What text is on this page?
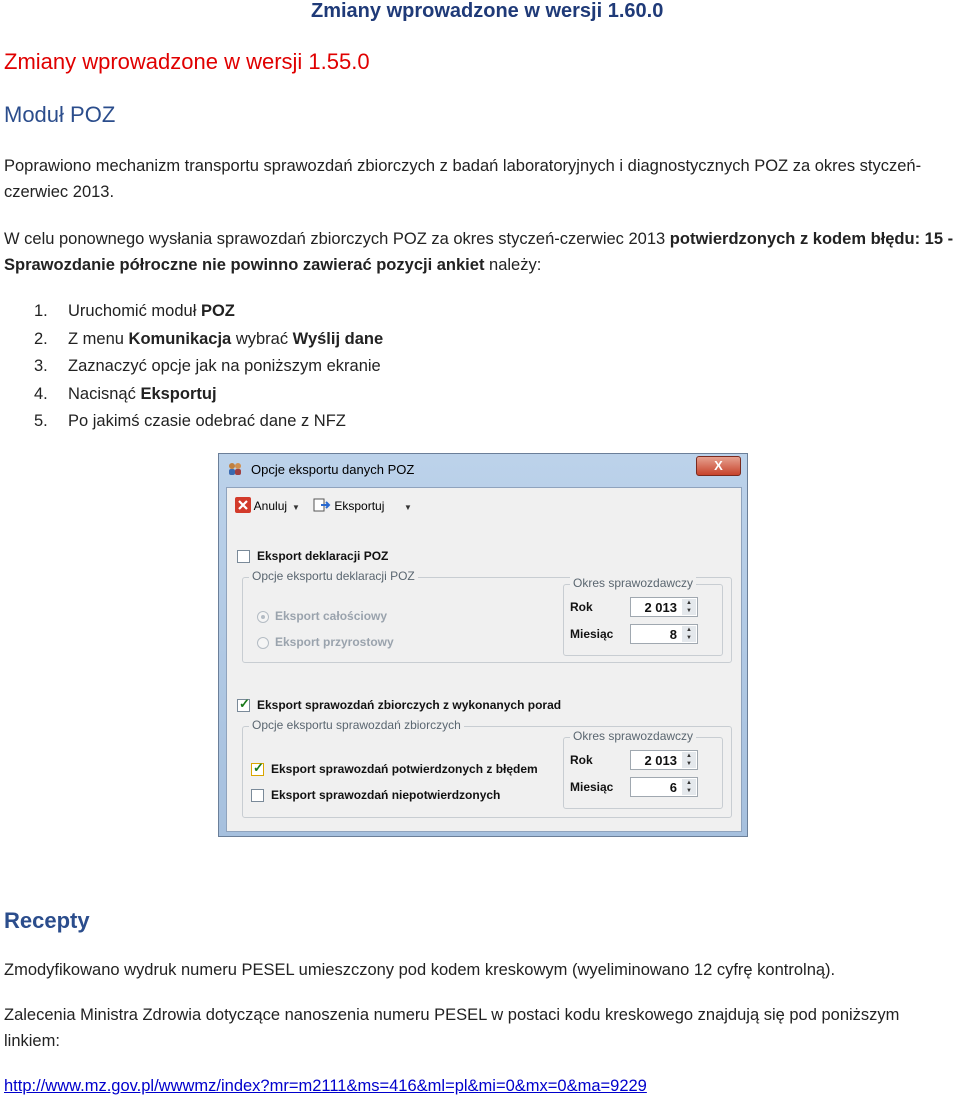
Zmiany wprowadzone w wersji 1.60.0
Zmiany wprowadzone w wersji 1.55.0
Moduł POZ
Poprawiono mechanizm transportu sprawozdań zbiorczych z badań laboratoryjnych i diagnostycznych POZ za okres styczeń-czerwiec 2013.
W celu ponownego wysłania sprawozdań zbiorczych POZ za okres styczeń-czerwiec 2013 potwierdzonych z kodem błędu: 15 - Sprawozdanie półroczne nie powinno zawierać pozycji ankiet należy:
1. Uruchomić moduł POZ
2. Z menu Komunikacja wybrać Wyślij dane
3. Zaznaczyć opcje jak na poniższym ekranie
4. Nacisnąć Eksportuj
5. Po jakimś czasie odebrać dane z NFZ
Opcje eksportu danych POZ	X
Anuluj ▼	Eksportuj ▼
Eksport deklaracji POZ
Opcje eksportu deklaracji POZ
Eksport całościowy
Eksport przyrostowy
Okres sprawozdawczy
Rok	2 013	▲
▼
Miesiąc	8	▲
▼
✓
Eksport sprawozdań zbiorczych z wykonanych porad
Opcje eksportu sprawozdań zbiorczych
✓
Eksport sprawozdań potwierdzonych z błędem
Eksport sprawozdań niepotwierdzonych
Okres sprawozdawczy
Rok	2 013	▲
▼
Miesiąc	6	▲
▼
Recepty
Zmodyfikowano wydruk numeru PESEL umieszczony pod kodem kreskowym (wyeliminowano 12 cyfrę kontrolną).
Zalecenia Ministra Zdrowia dotyczące nanoszenia numeru PESEL w postaci kodu kreskowego znajdują się pod poniższym linkiem:
http://www.mz.gov.pl/wwwmz/index?mr=m2111&ms=416&ml=pl&mi=0&mx=0&ma=9229
